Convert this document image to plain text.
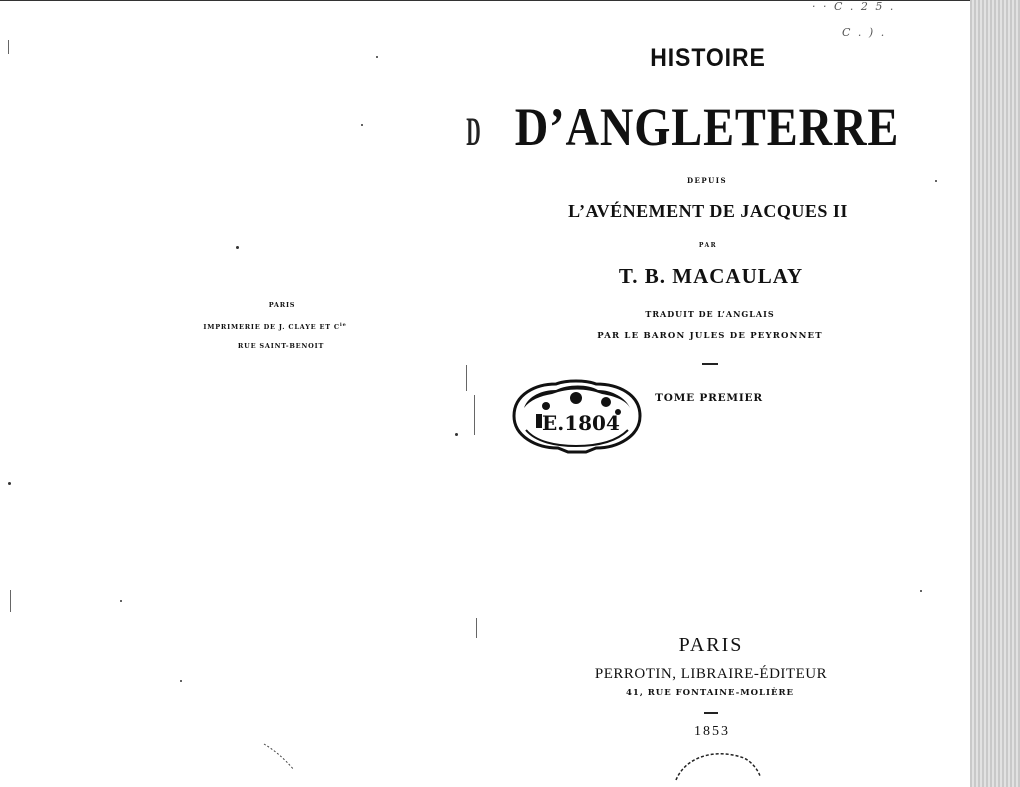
· · C . 2 5 .
C . ) .
PARIS
IMPRIMERIE DE J. CLAYE ET $C^{ie}$
RUE SAINT-BENOIT
D
HISTOIRE
D’ANGLETERRE
DEPUIS
L’AVÉNEMENT DE JACQUES II
PAR
T. B. MACAULAY
TRADUIT DE L’ANGLAIS
PAR LE BARON JULES DE PEYRONNET
TOME PREMIER
E.1804
PARIS
PERROTIN, LIBRAIRE-ÉDITEUR
41, RUE FONTAINE-MOLIÈRE
1853
